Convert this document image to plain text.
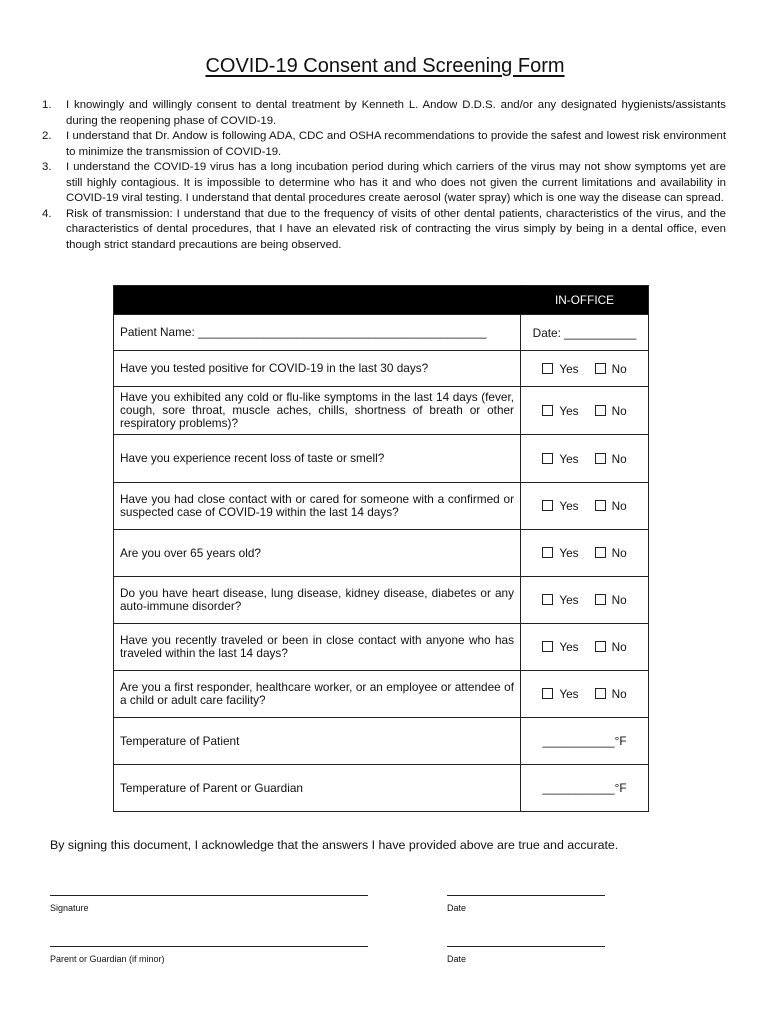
COVID-19 Consent and Screening Form
1. I knowingly and willingly consent to dental treatment by Kenneth L. Andow D.D.S. and/or any designated hygienists/assistants during the reopening phase of COVID-19.
2. I understand that Dr. Andow is following ADA, CDC and OSHA recommendations to provide the safest and lowest risk environment to minimize the transmission of COVID-19.
3. I understand the COVID-19 virus has a long incubation period during which carriers of the virus may not show symptoms yet are still highly contagious. It is impossible to determine who has it and who does not given the current limitations and availability in COVID-19 viral testing. I understand that dental procedures create aerosol (water spray) which is one way the disease can spread.
4. Risk of transmission: I understand that due to the frequency of visits of other dental patients, characteristics of the virus, and the characteristics of dental procedures, that I have an elevated risk of contracting the virus simply by being in a dental office, even though strict standard precautions are being observed.
	IN-OFFICE
Patient Name: ____________________________________________	Date: ___________
Have you tested positive for COVID-19 in the last 30 days?	Yes No
Have you exhibited any cold or flu-like symptoms in the last 14 days (fever, cough, sore throat, muscle aches, chills, shortness of breath or other respiratory problems)?	Yes No
Have you experience recent loss of taste or smell?	Yes No
Have you had close contact with or cared for someone with a confirmed or suspected case of COVID-19 within the last 14 days?	Yes No
Are you over 65 years old?	Yes No
Do you have heart disease, lung disease, kidney disease, diabetes or any auto-immune disorder?	Yes No
Have you recently traveled or been in close contact with anyone who has traveled within the last 14 days?	Yes No
Are you a first responder, healthcare worker, or an employee or attendee of a child or adult care facility?	Yes No
Temperature of Patient	___________°F
Temperature of Parent or Guardian	___________°F
By signing this document, I acknowledge that the answers I have provided above are true and accurate.
Signature	Date
Parent or Guardian (if minor)	Date
